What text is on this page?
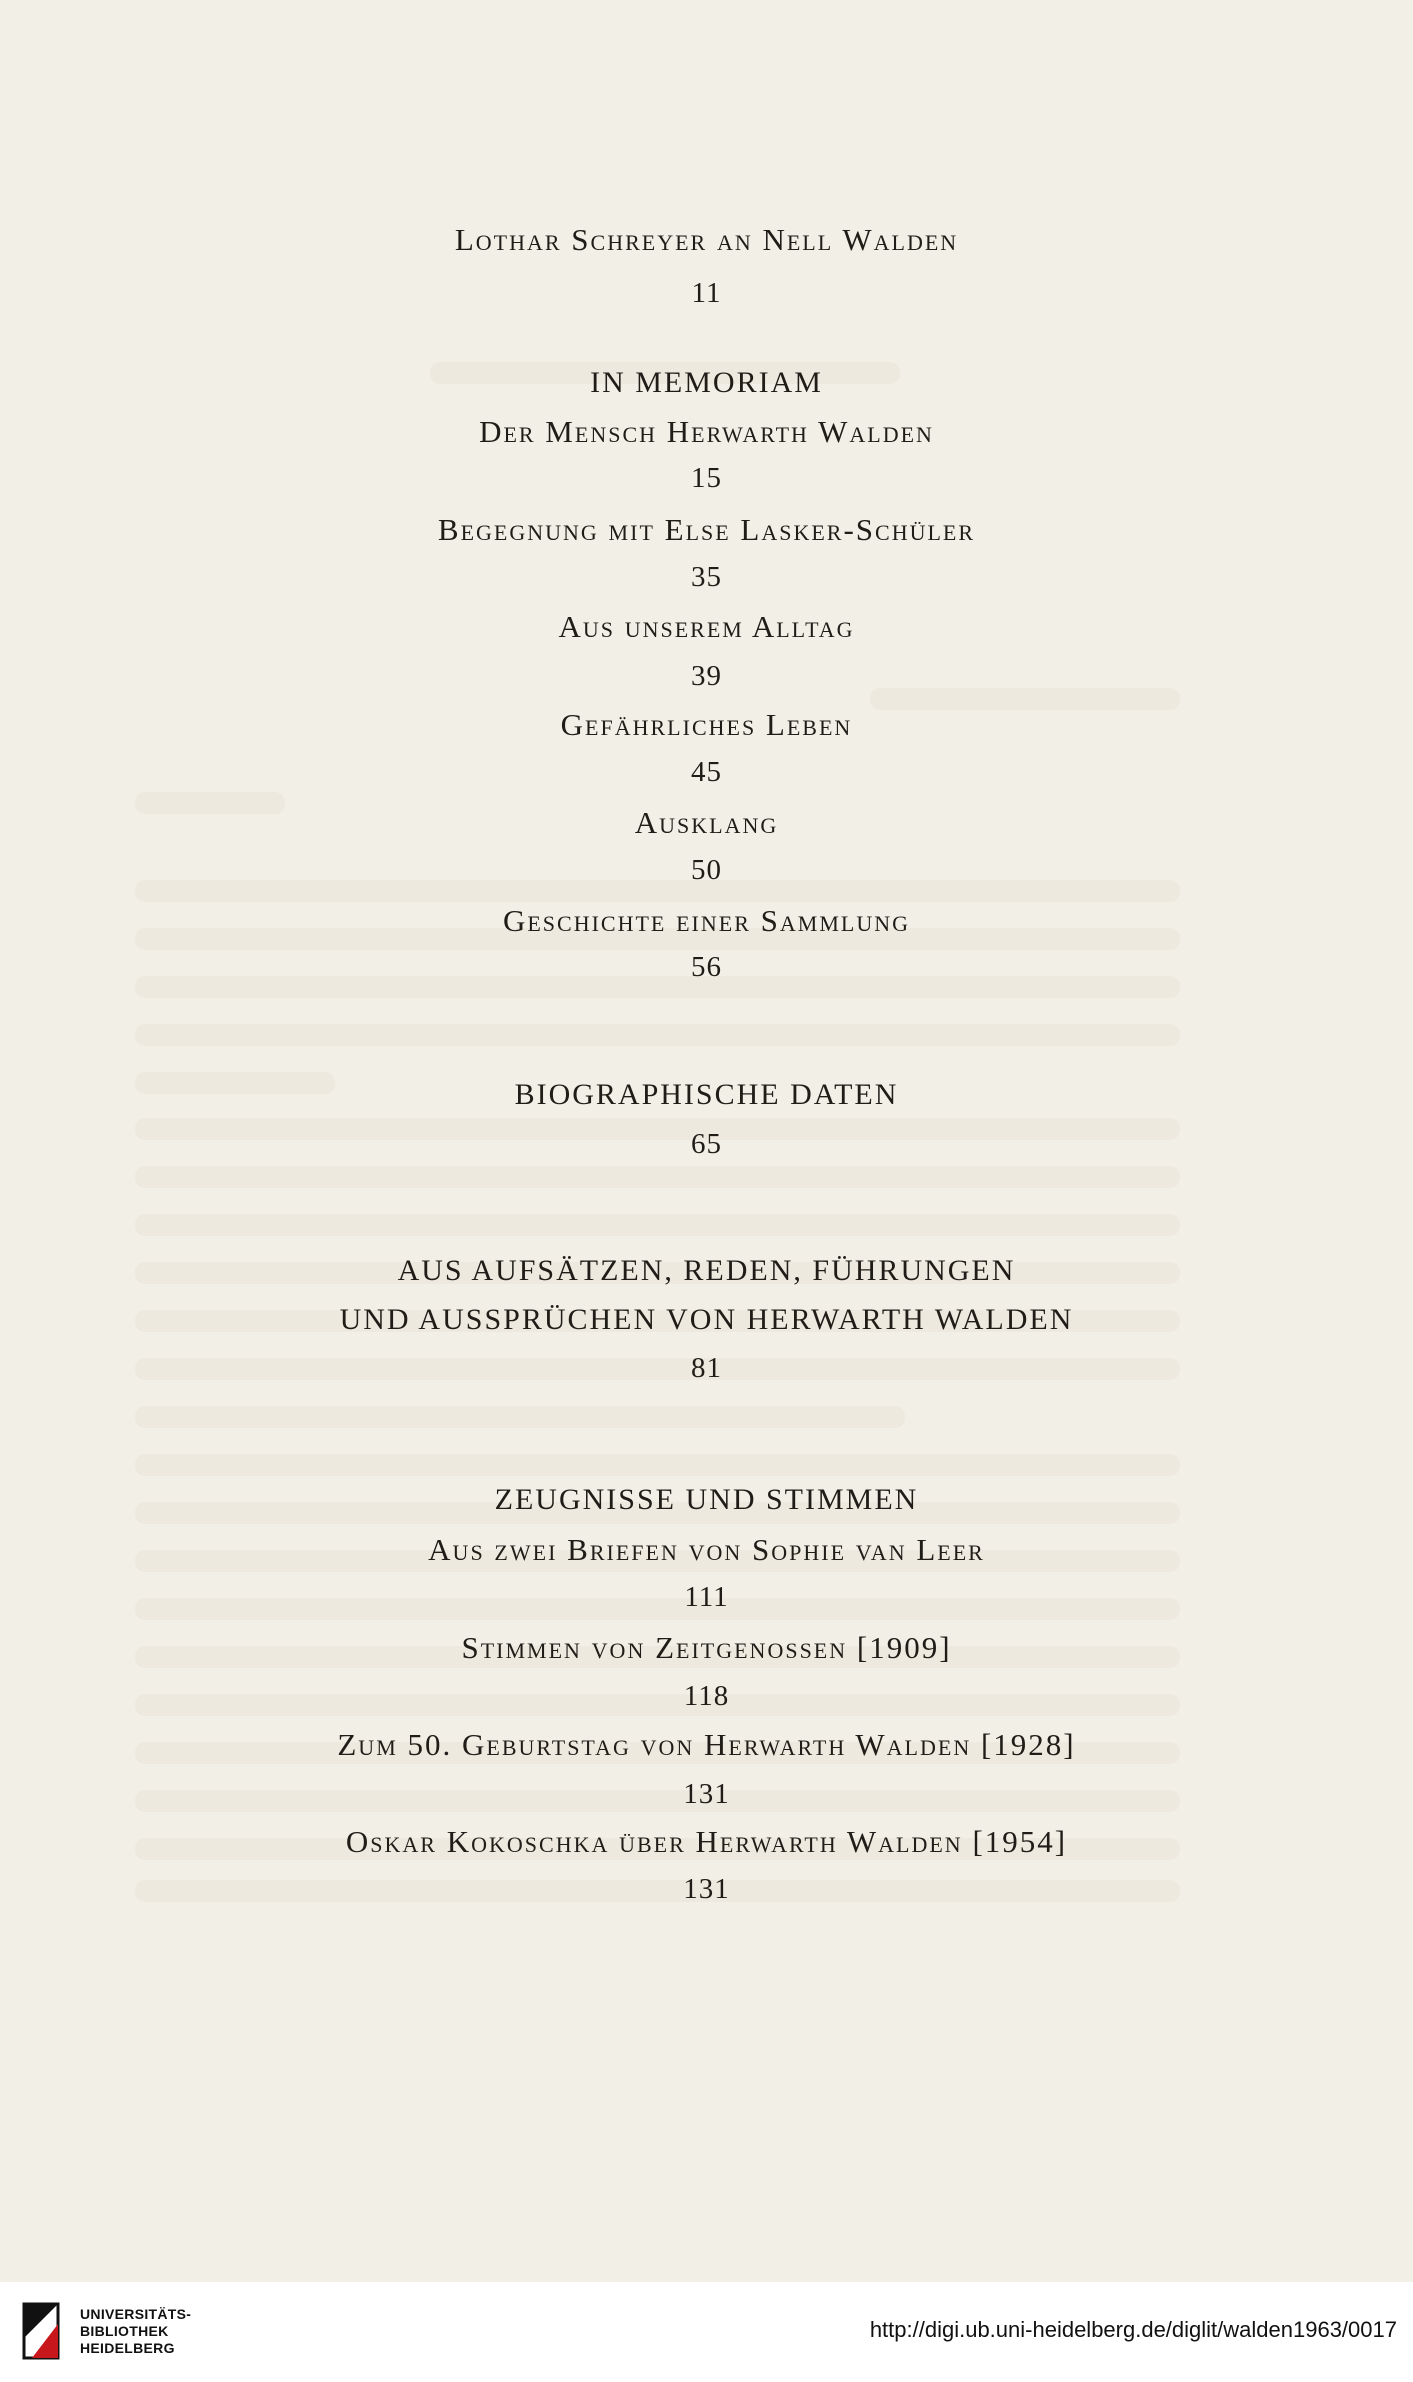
Lothar Schreyer an Nell Walden
11
IN MEMORIAM
Der Mensch Herwarth Walden
15
Begegnung mit Else Lasker-Schüler
35
Aus unserem Alltag
39
Gefährliches Leben
45
Ausklang
50
Geschichte einer Sammlung
56
BIOGRAPHISCHE DATEN
65
AUS AUFSÄTZEN, REDEN, FÜHRUNGEN
UND AUSSPRÜCHEN VON HERWARTH WALDEN
81
ZEUGNISSE UND STIMMEN
Aus zwei Briefen von Sophie van Leer
111
Stimmen von Zeitgenossen [1909]
118
Zum 50. Geburtstag von Herwarth Walden [1928]
131
Oskar Kokoschka über Herwarth Walden [1954]
131
UNIVERSITÄTS-
BIBLIOTHEK
HEIDELBERG
http://digi.ub.uni-heidelberg.de/diglit/walden1963/0017
